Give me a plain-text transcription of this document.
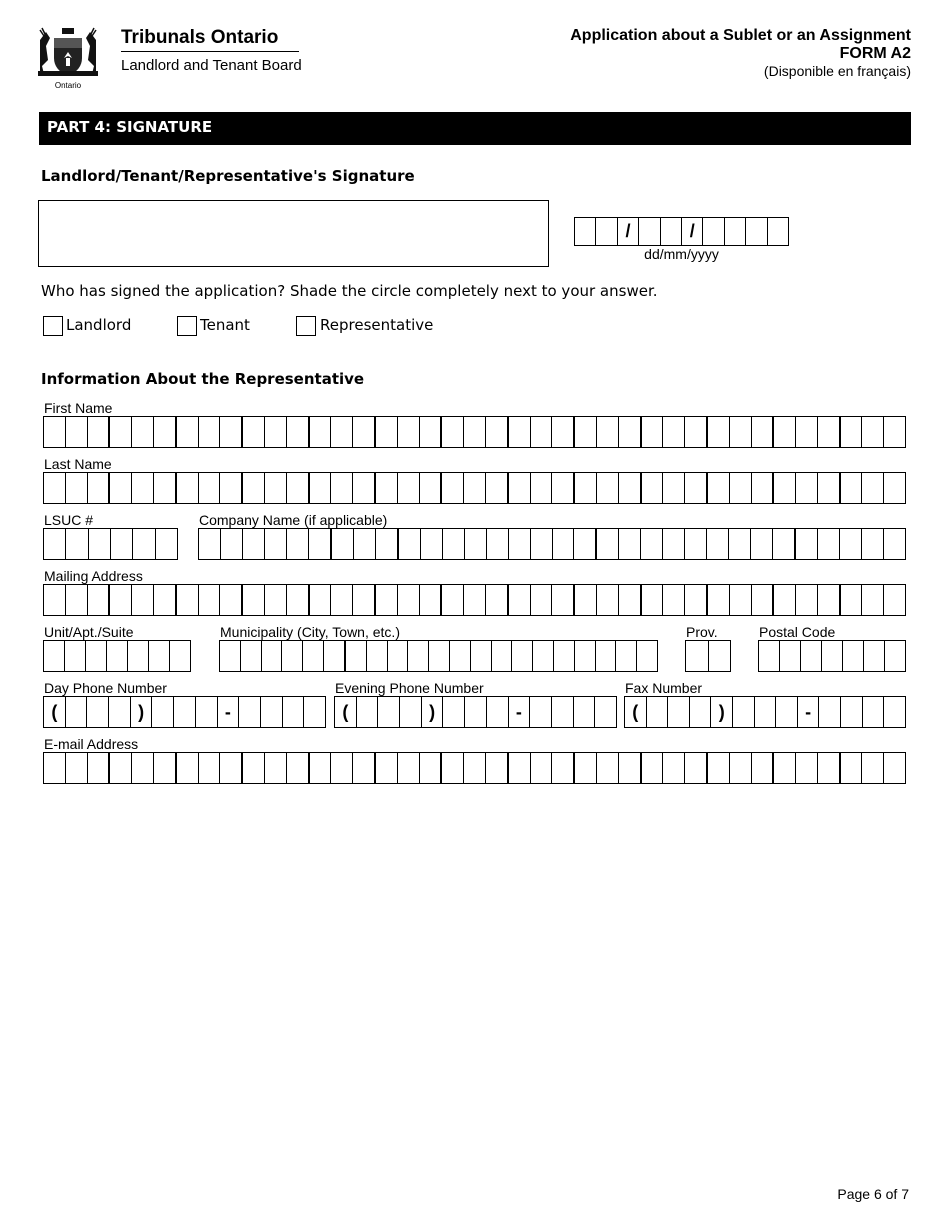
Ontario
Tribunals Ontario
Landlord and Tenant Board
Application about a Sublet or an Assignment
FORM A2
(Disponible en français)
PART 4: SIGNATURE
Landlord/Tenant/Representative's Signature
/	/
dd/mm/yyyy
Who has signed the application? Shade the circle completely next to your answer.
Landlord	Tenant	Representative
Information About the Representative
First Name
Last Name
LSUC #	Company Name (if applicable)
Mailing Address
Unit/Apt./Suite	Municipality (City, Town, etc.)	Prov.	Postal Code
Day Phone Number
(	)	-
Evening Phone Number
(	)	-
Fax Number
(	)	-
E-mail Address
Page 6 of 7
